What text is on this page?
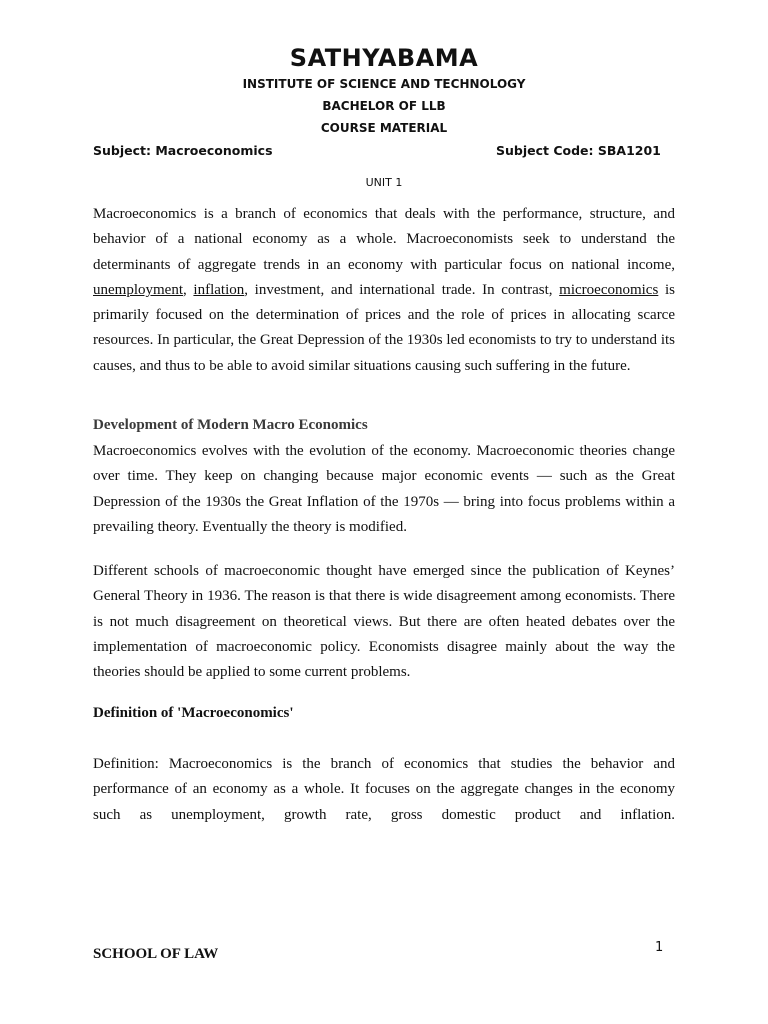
SATHYABAMA
INSTITUTE OF SCIENCE AND TECHNOLOGY
BACHELOR OF LLB
COURSE MATERIAL
Subject: Macroeconomics	Subject Code: SBA1201
UNIT 1

Macroeconomics is a branch of economics that deals with the performance, structure, and behavior of a national economy as a whole. Macroeconomists seek to understand the determinants of aggregate trends in an economy with particular focus on national income, unemployment, inflation, investment, and international trade. In contrast, microeconomics is primarily focused on the determination of prices and the role of prices in allocating scarce resources. In particular, the Great Depression of the 1930s led economists to try to understand its causes, and thus to be able to avoid similar situations causing such suffering in the future.

Development of Modern Macro Economics

Macroeconomics evolves with the evolution of the economy. Macroeconomic theories change over time. They keep on changing because major economic events — such as the Great Depression of the 1930s the Great Inflation of the 1970s — bring into focus problems within a prevailing theory. Eventually the theory is modified.

Different schools of macroeconomic thought have emerged since the publication of Keynes’ General Theory in 1936. The reason is that there is wide disagreement among economists. There is not much disagreement on theoretical views. But there are often heated debates over the implementation of macroeconomic policy. Economists disagree mainly about the way the theories should be applied to some current problems.

Definition of 'Macroeconomics'

Definition: Macroeconomics is the branch of economics that studies the behavior and performance of an economy as a whole. It focuses on the aggregate changes in the economy such as unemployment, growth rate, gross domestic product and inflation.

SCHOOL OF LAW	1
